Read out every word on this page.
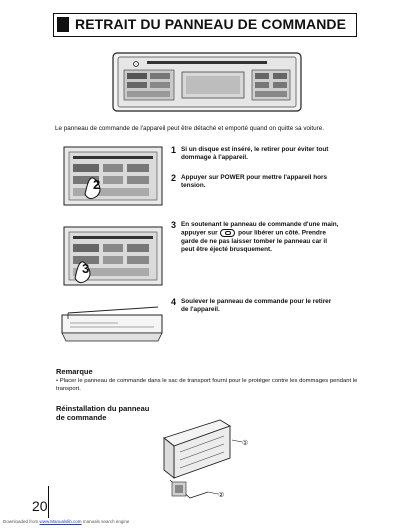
RETRAIT DU PANNEAU DE COMMANDE
Le panneau de commande de l'appareil peut être détaché et emporté quand on quitte sa voiture.
2
3
1 Si un disque est inséré, le retirer pour éviter tout
dommage à l'appareil.
2 Appuyer sur POWER pour mettre l'appareil hors
tension.
3 En soutenant le panneau de commande d'une main,
appuyer sur	pour libérer un côté. Prendre
garde de ne pas laisser tomber le panneau car il
peut être éjecté brusquement.
4 Soulever le panneau de commande pour le retirer
de l'appareil.
Remarque
• Placer le panneau de commande dans le sac de transport fourni pour le protéger contre les dommages pendant le transport.
Réinstallation du panneau
de commande
①
②
20
Downloaded from www.Manualslib.com manuals search engine
